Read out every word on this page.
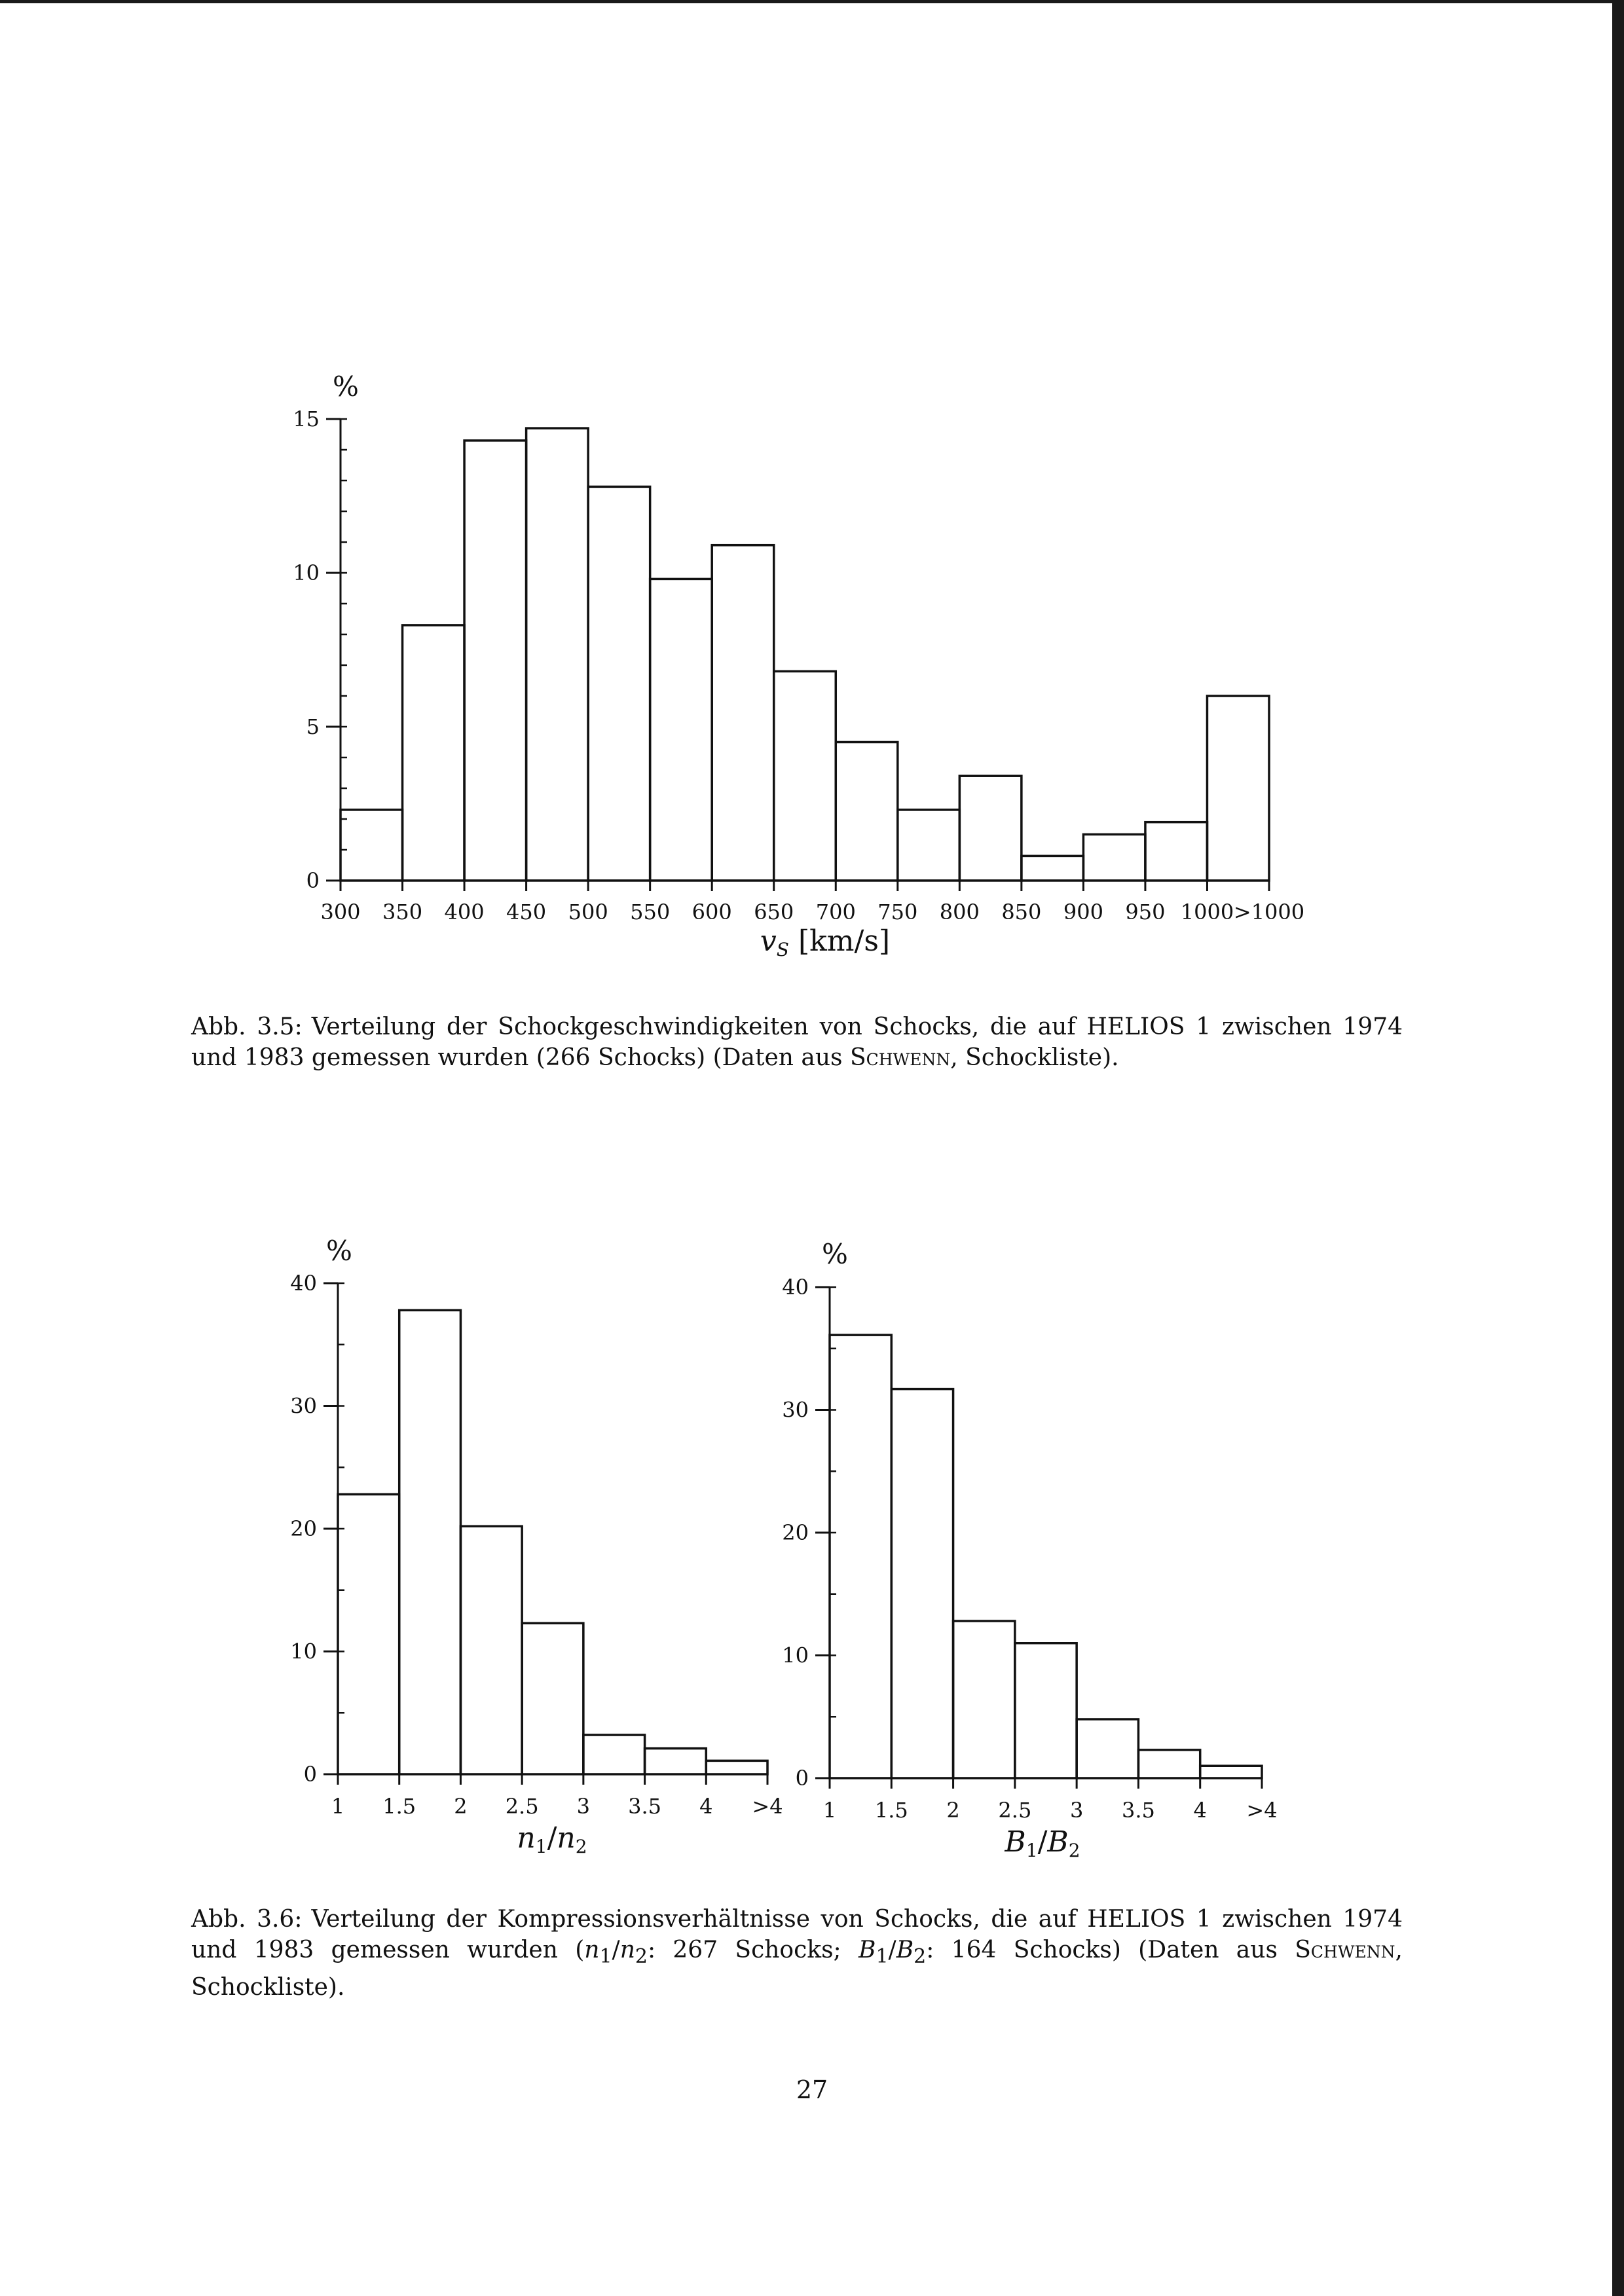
0
5
10
15
300 350 400 450 500 550 600 650 700 750 800 850 900 950 1000 >1000
%
vS [km/s]

Abb. 3.5: Verteilung der Schockgeschwindigkeiten von Schocks, die auf HELIOS 1 zwischen 1974 und 1983 gemessen wurden (266 Schocks) (Daten aus Schwenn, Schockliste).

0
10
20
30
40
1 1.5 2 2.5 3 3.5 4 >4
%
n1/n2
0
10
20
30
40
1 1.5 2 2.5 3 3.5 4 >4
%
B1/B2

Abb. 3.6: Verteilung der Kompressionsverhältnisse von Schocks, die auf HELIOS 1 zwischen 1974 und 1983 gemessen wurden ($n_1/n_2$: 267 Schocks; $B_1/B_2$: 164 Schocks) (Daten aus Schwenn, Schockliste).

27
